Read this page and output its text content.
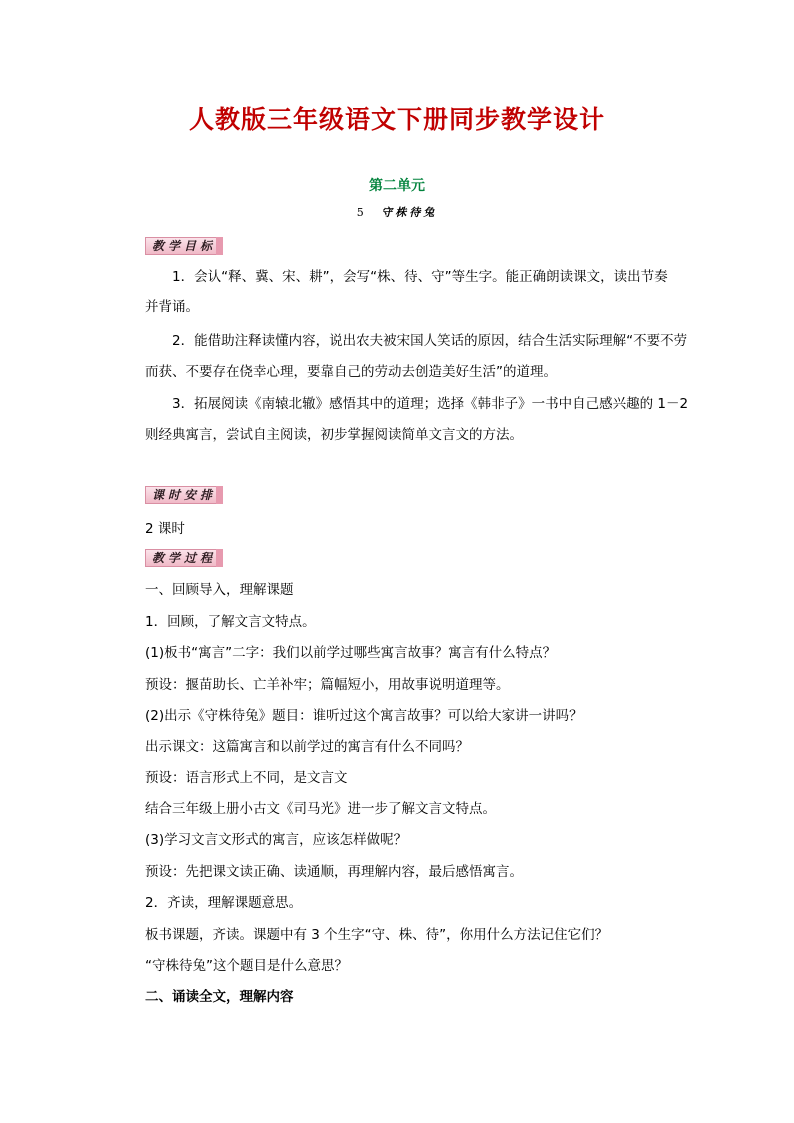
人教版三年级语文下册同步教学设计
第二单元
5 守株待兔
教学目标
1．会认“释、冀、宋、耕”，会写“株、待、守”等生字。能正确朗读课文，读出节奏
并背诵。
2．能借助注释读懂内容，说出农夫被宋国人笑话的原因，结合生活实际理解“不要不劳
而获、不要存在侥幸心理，要靠自己的劳动去创造美好生活”的道理。
3．拓展阅读《南辕北辙》感悟其中的道理；选择《韩非子》一书中自己感兴趣的 1－2
则经典寓言，尝试自主阅读，初步掌握阅读简单文言文的方法。
课时安排
2 课时
教学过程
一、回顾导入，理解课题
1．回顾，了解文言文特点。
(1)板书“寓言”二字：我们以前学过哪些寓言故事？寓言有什么特点？
预设：揠苗助长、亡羊补牢；篇幅短小，用故事说明道理等。
(2)出示《守株待兔》题目：谁听过这个寓言故事？可以给大家讲一讲吗？
出示课文：这篇寓言和以前学过的寓言有什么不同吗？
预设：语言形式上不同，是文言文
结合三年级上册小古文《司马光》进一步了解文言文特点。
(3)学习文言文形式的寓言，应该怎样做呢？
预设：先把课文读正确、读通顺，再理解内容，最后感悟寓言。
2．齐读，理解课题意思。
板书课题，齐读。课题中有 3 个生字“守、株、待”，你用什么方法记住它们？
“守株待兔”这个题目是什么意思？
二、诵读全文，理解内容
